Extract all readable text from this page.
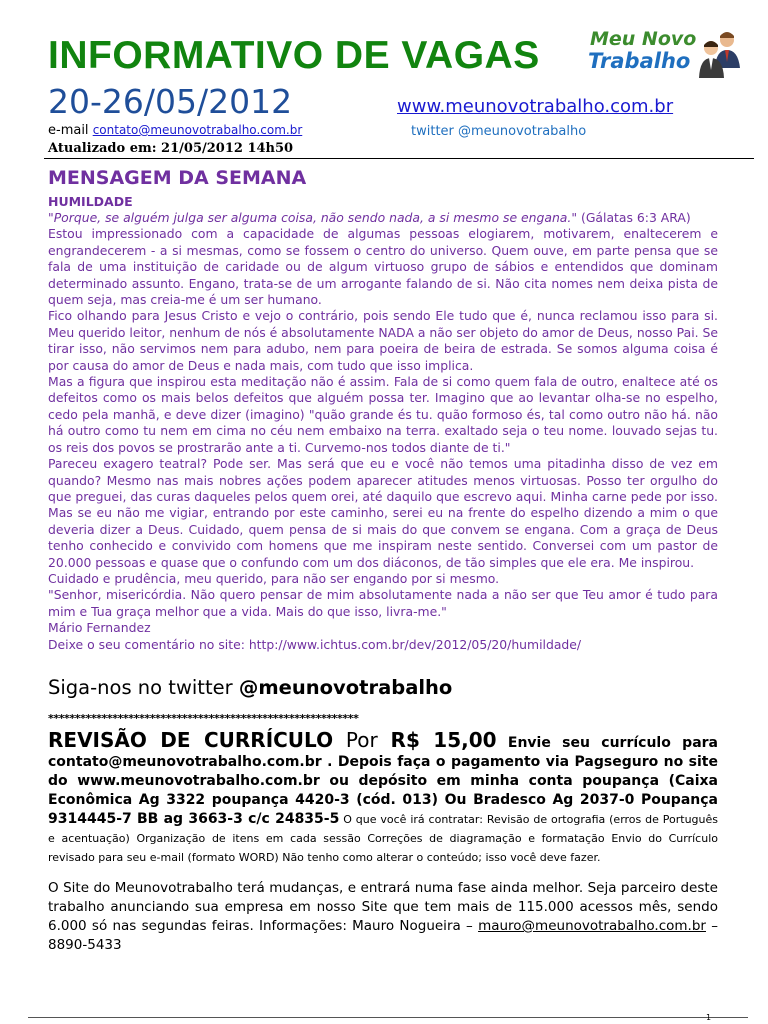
INFORMATIVO DE VAGAS	Meu Novo
Trabalho
20-26/05/2012	www.meunovotrabalho.com.br
e-mail contato@meunovotrabalho.com.br	twitter @meunovotrabalho
Atualizado em: 21/05/2012 14h50
MENSAGEM DA SEMANA
HUMILDADE

"Porque, se alguém julga ser alguma coisa, não sendo nada, a si mesmo se engana." (Gálatas 6:3 ARA)

Estou impressionado com a capacidade de algumas pessoas elogiarem, motivarem, enaltecerem e engrandecerem - a si mesmas, como se fossem o centro do universo. Quem ouve, em parte pensa que se fala de uma instituição de caridade ou de algum virtuoso grupo de sábios e entendidos que dominam determinado assunto. Engano, trata-se de um arrogante falando de si. Não cita nomes nem deixa pista de quem seja, mas creia-me é um ser humano.

Fico olhando para Jesus Cristo e vejo o contrário, pois sendo Ele tudo que é, nunca reclamou isso para si. Meu querido leitor, nenhum de nós é absolutamente NADA a não ser objeto do amor de Deus, nosso Pai. Se tirar isso, não servimos nem para adubo, nem para poeira de beira de estrada. Se somos alguma coisa é por causa do amor de Deus e nada mais, com tudo que isso implica.

Mas a figura que inspirou esta meditação não é assim. Fala de si como quem fala de outro, enaltece até os defeitos como os mais belos defeitos que alguém possa ter. Imagino que ao levantar olha-se no espelho, cedo pela manhã, e deve dizer (imagino) "quão grande és tu. quão formoso és, tal como outro não há. não há outro como tu nem em cima no céu nem embaixo na terra. exaltado seja o teu nome. louvado sejas tu. os reis dos povos se prostrarão ante a ti. Curvemo-nos todos diante de ti."

Pareceu exagero teatral? Pode ser. Mas será que eu e você não temos uma pitadinha disso de vez em quando? Mesmo nas mais nobres ações podem aparecer atitudes menos virtuosas. Posso ter orgulho do que preguei, das curas daqueles pelos quem orei, até daquilo que escrevo aqui. Minha carne pede por isso. Mas se eu não me vigiar, entrando por este caminho, serei eu na frente do espelho dizendo a mim o que deveria dizer a Deus. Cuidado, quem pensa de si mais do que convem se engana. Com a graça de Deus tenho conhecido e convivido com homens que me inspiram neste sentido. Conversei com um pastor de 20.000 pessoas e quase que o confundo com um dos diáconos, de tão simples que ele era. Me inspirou.

Cuidado e prudência, meu querido, para não ser engando por si mesmo.

"Senhor, misericórdia. Não quero pensar de mim absolutamente nada a não ser que Teu amor é tudo para mim e Tua graça melhor que a vida. Mais do que isso, livra-me."

Mário Fernandez

Deixe o seu comentário no site: http://www.ichtus.com.br/dev/2012/05/20/humildade/

Siga-nos no twitter @meunovotrabalho
**********************************************************

REVISÃO DE CURRÍCULO Por R$ 15,00 Envie seu currículo para contato@meunovotrabalho.com.br . Depois faça o pagamento via Pagseguro no site do www.meunovotrabalho.com.br ou depósito em minha conta poupança (Caixa Econômica Ag 3322 poupança 4420-3 (cód. 013) Ou Bradesco Ag 2037-0 Poupança 9314445-7 BB ag 3663-3 c/c 24835-5 O que você irá contratar: Revisão de ortografia (erros de Português e acentuação) Organização de itens em cada sessão Correções de diagramação e formatação Envio do Currículo revisado para seu e-mail (formato WORD) Não tenho como alterar o conteúdo; isso você deve fazer.

O Site do Meunovotrabalho terá mudanças, e entrará numa fase ainda melhor. Seja parceiro deste trabalho anunciando sua empresa em nosso Site que tem mais de 115.000 acessos mês, sendo 6.000 só nas segundas feiras. Informações: Mauro Nogueira – mauro@meunovotrabalho.com.br – 8890-5433
1
